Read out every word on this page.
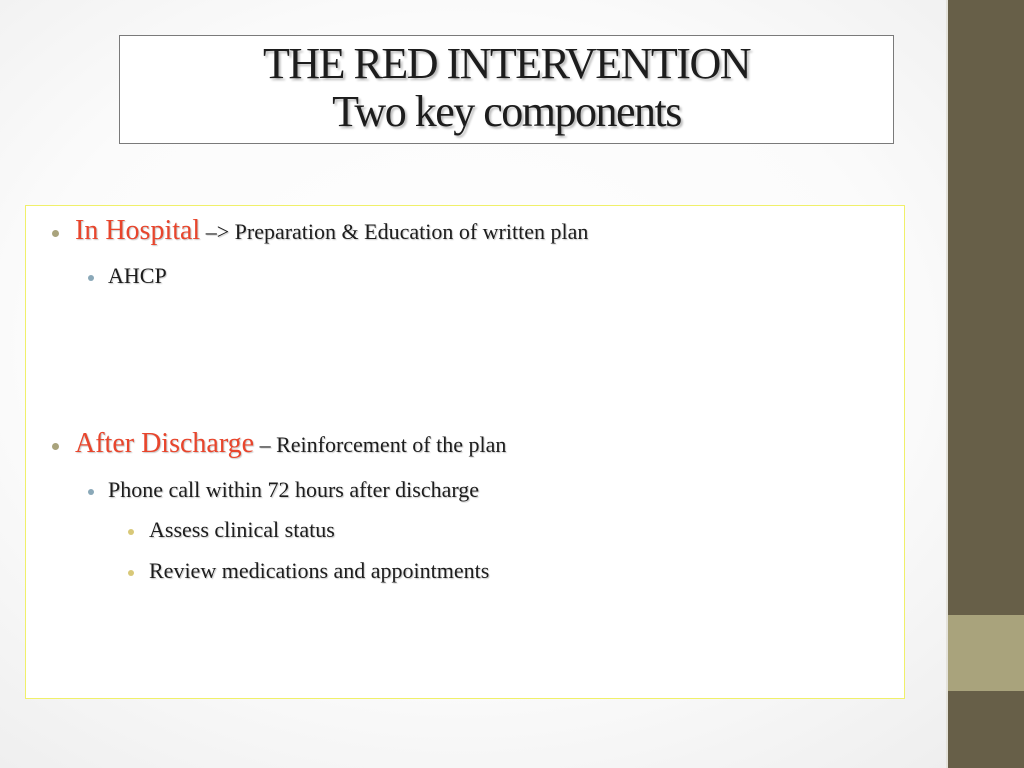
THE RED INTERVENTION
Two key components
In Hospital –> Preparation & Education of written plan
AHCP
After Discharge – Reinforcement of the plan
Phone call within 72 hours after discharge
Assess clinical status
Review medications and appointments
